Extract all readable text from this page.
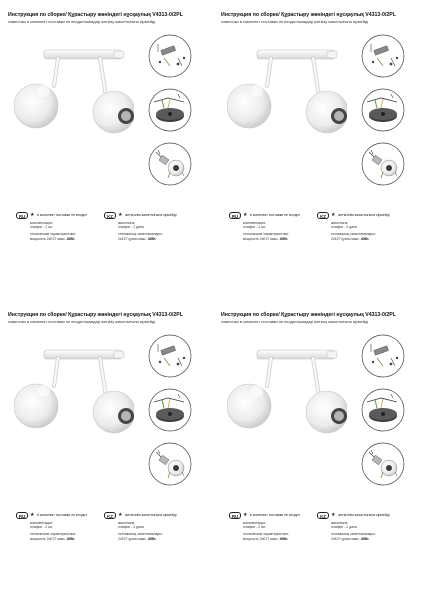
Инструкция по сборке/ Құрастыру жөніндегі нұсқаулық V4313-0/2PL
лампочки в комплект поставки не входят/шамдар жеткізу жиынтығына кірмейді
RU ★ в комплект поставки не входит
комплектация:
плафон - 2 шт.
технические характеристики:
мощность 2хЕ27 макс. 40Вт.
KZ	★ жеткізілім жиынтығына кірмейді
жиынтығы:
плафон - 2 дана
техникалық сипаттамалары:
2хЕ27 қуаты макс. 40Вт.
Инструкция по сборке/ Құрастыру жөніндегі нұсқаулық V4313-0/2PL
лампочки в комплект поставки не входят/шамдар жеткізу жиынтығына кірмейді
RU ★ в комплект поставки не входит
комплектация:
плафон - 2 шт.
технические характеристики:
мощность 2хЕ27 макс. 40Вт.
KZ	★ жеткізілім жиынтығына кірмейді
жиынтығы:
плафон - 2 дана
техникалық сипаттамалары:
2хЕ27 қуаты макс. 40Вт.
Инструкция по сборке/ Құрастыру жөніндегі нұсқаулық V4313-0/2PL
лампочки в комплект поставки не входят/шамдар жеткізу жиынтығына кірмейді
RU ★ в комплект поставки не входит
комплектация:
плафон - 2 шт.
технические характеристики:
мощность 2хЕ27 макс. 40Вт.
KZ	★ жеткізілім жиынтығына кірмейді
жиынтығы:
плафон - 2 дана
техникалық сипаттамалары:
2хЕ27 қуаты макс. 40Вт.
Инструкция по сборке/ Құрастыру жөніндегі нұсқаулық V4313-0/2PL
лампочки в комплект поставки не входят/шамдар жеткізу жиынтығына кірмейді
RU ★ в комплект поставки не входит
комплектация:
плафон - 2 шт.
технические характеристики:
мощность 2хЕ27 макс. 40Вт.
KZ	★ жеткізілім жиынтығына кірмейді
жиынтығы:
плафон - 2 дана
техникалық сипаттамалары:
2хЕ27 қуаты макс. 40Вт.
